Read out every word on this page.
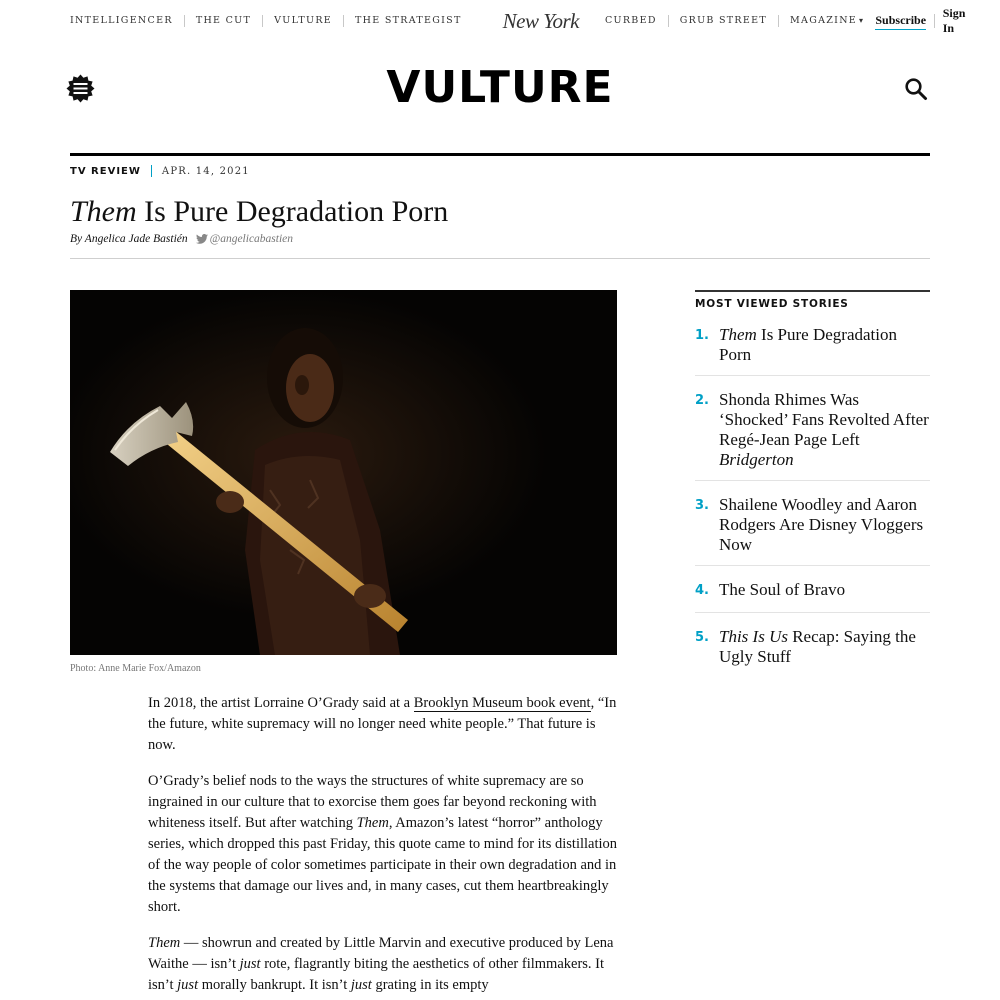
INTELLIGENCER	THE CUT	VULTURE	THE STRATEGIST	New York	CURBED	GRUB STREET	MAGAZINE ▾ Subscribe Sign In
VULTURE
TV REVIEW APR. 14, 2021
Them Is Pure Degradation Porn
By Angelica Jade Bastién @angelicabastien
Photo: Anne Marie Fox/Amazon

In 2018, the artist Lorraine O’Grady said at a Brooklyn Museum book event, “In the future, white supremacy will no longer need white people.” That future is now.

O’Grady’s belief nods to the ways the structures of white supremacy are so ingrained in our culture that to exorcise them goes far beyond reckoning with whiteness itself. But after watching Them, Amazon’s latest “horror” anthology series, which dropped this past Friday, this quote came to mind for its distillation of the way people of color sometimes participate in their own degradation and in the systems that damage our lives and, in many cases, cut them heartbreakingly short.

Them — showrun and created by Little Marvin and executive produced by Lena Waithe — isn’t just rote, flagrantly biting the aesthetics of other filmmakers. It isn’t just morally bankrupt. It isn’t just grating in its empty

MOST VIEWED STORIES
1. Them Is Pure Degradation Porn
2. Shonda Rhimes Was ‘Shocked’ Fans Revolted After Regé-Jean Page Left Bridgerton
3. Shailene Woodley and Aaron Rodgers Are Disney Vloggers Now
4. The Soul of Bravo
5. This Is Us Recap: Saying the Ugly Stuff
